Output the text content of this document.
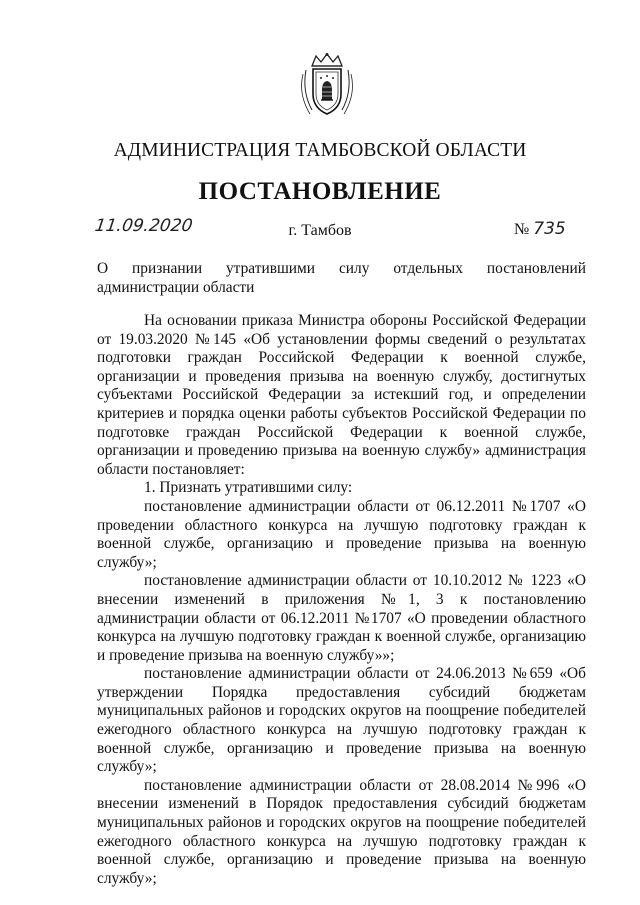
АДМИНИСТРАЦИЯ ТАМБОВСКОЙ ОБЛАСТИ
ПОСТАНОВЛЕНИЕ
11.09.2020	г. Тамбов	№ 735

О признании утратившими силу отдельных постановлений администрации области

На основании приказа Министра обороны Российской Федерации от 19.03.2020 №145 «Об установлении формы сведений о результатах подготовки граждан Российской Федерации к военной службе, организации и проведения призыва на военную службу, достигнутых субъектами Российской Федерации за истекший год, и определении критериев и порядка оценки работы субъектов Российской Федерации по подготовке граждан Российской Федерации к военной службе, организации и проведению призыва на военную службу» администрация области постановляет:

1. Признать утратившими силу:

постановление администрации области от 06.12.2011 №1707 «О проведении областного конкурса на лучшую подготовку граждан к военной службе, организацию и проведение призыва на военную службу»;

постановление администрации области от 10.10.2012 № 1223 «О внесении изменений в приложения №1, 3 к постановлению администрации области от 06.12.2011 №1707 «О проведении областного конкурса на лучшую подготовку граждан к военной службе, организацию и проведение призыва на военную службу»»;

постановление администрации области от 24.06.2013 №659 «Об утверждении Порядка предоставления субсидий бюджетам муниципальных районов и городских округов на поощрение победителей ежегодного областного конкурса на лучшую подготовку граждан к военной службе, организацию и проведение призыва на военную службу»;

постановление администрации области от 28.08.2014 №996 «О внесении изменений в Порядок предоставления субсидий бюджетам муниципальных районов и городских округов на поощрение победителей ежегодного областного конкурса на лучшую подготовку граждан к военной службе, организацию и проведение призыва на военную службу»;
